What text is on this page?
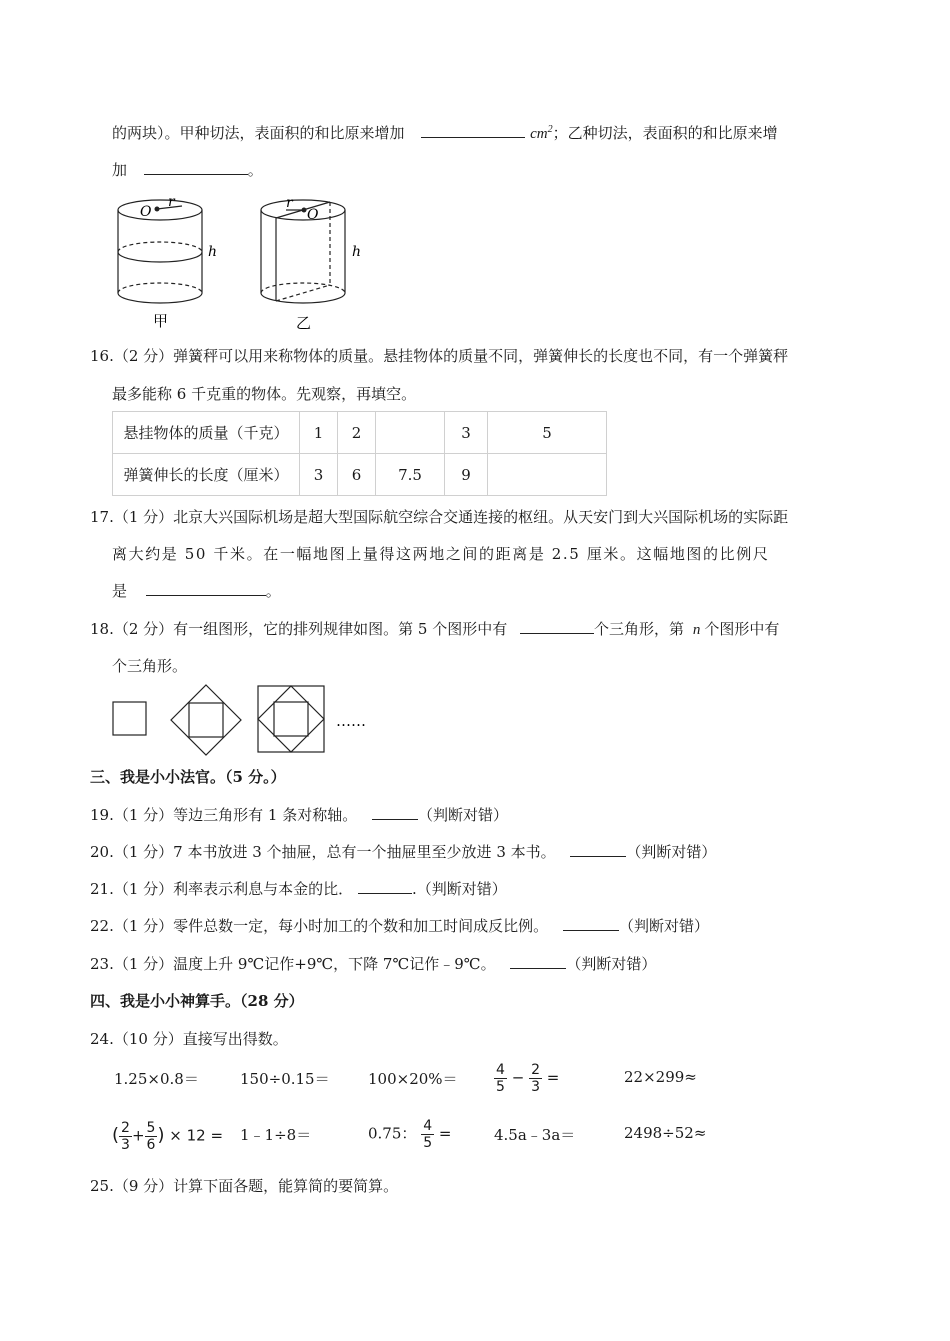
的两块）。甲种切法，表面积的和比原来增加	$cm^2$；乙种切法，表面积的和比原来增
加	。
O
r
h
甲
r
O
h
乙
16.（2 分）弹簧秤可以用来称物体的质量。悬挂物体的质量不同，弹簧伸长的长度也不同，有一个弹簧秤
最多能称 6 千克重的物体。先观察，再填空。
悬挂物体的质量（千克）	1	2		3	5
弹簧伸长的长度（厘米）	3	6	7.5	9	
17.（1 分）北京大兴国际机场是超大型国际航空综合交通连接的枢纽。从天安门到大兴国际机场的实际距
离大约是 50 千米。在一幅地图上量得这两地之间的距离是 2.5 厘米。这幅地图的比例尺
是	。
18.（2 分）有一组图形，它的排列规律如图。第 5 个图形中有	个三角形，第 n 个图形中有
个三角形。
……
三、我是小小法官。（5 分。）
19.（1 分）等边三角形有 1 条对称轴。	（判断对错）
20.（1 分）7 本书放进 3 个抽屉，总有一个抽屉里至少放进 3 本书。	（判断对错）
21.（1 分）利率表示利息与本金的比．	.（判断对错）
22.（1 分）零件总数一定，每小时加工的个数和加工时间成反比例。	（判断对错）
23.（1 分）温度上升 9℃记作+9℃，下降 7℃记作﹣9℃。	（判断对错）
四、我是小小神算手。（28 分）
24.（10 分）直接写出得数。
1.25×0.8＝	150÷0.15＝	100×20%＝	$\frac{4}{5} - \frac{2}{3}$ =	22×299≈
( $\frac{2}{3} + \frac{5}{6}$ ) × 12 = 1﹣1÷8＝	0.75： $\frac{4}{5}$ =	4.5a﹣3a＝	2498÷52≈
25.（9 分）计算下面各题，能算简的要简算。
